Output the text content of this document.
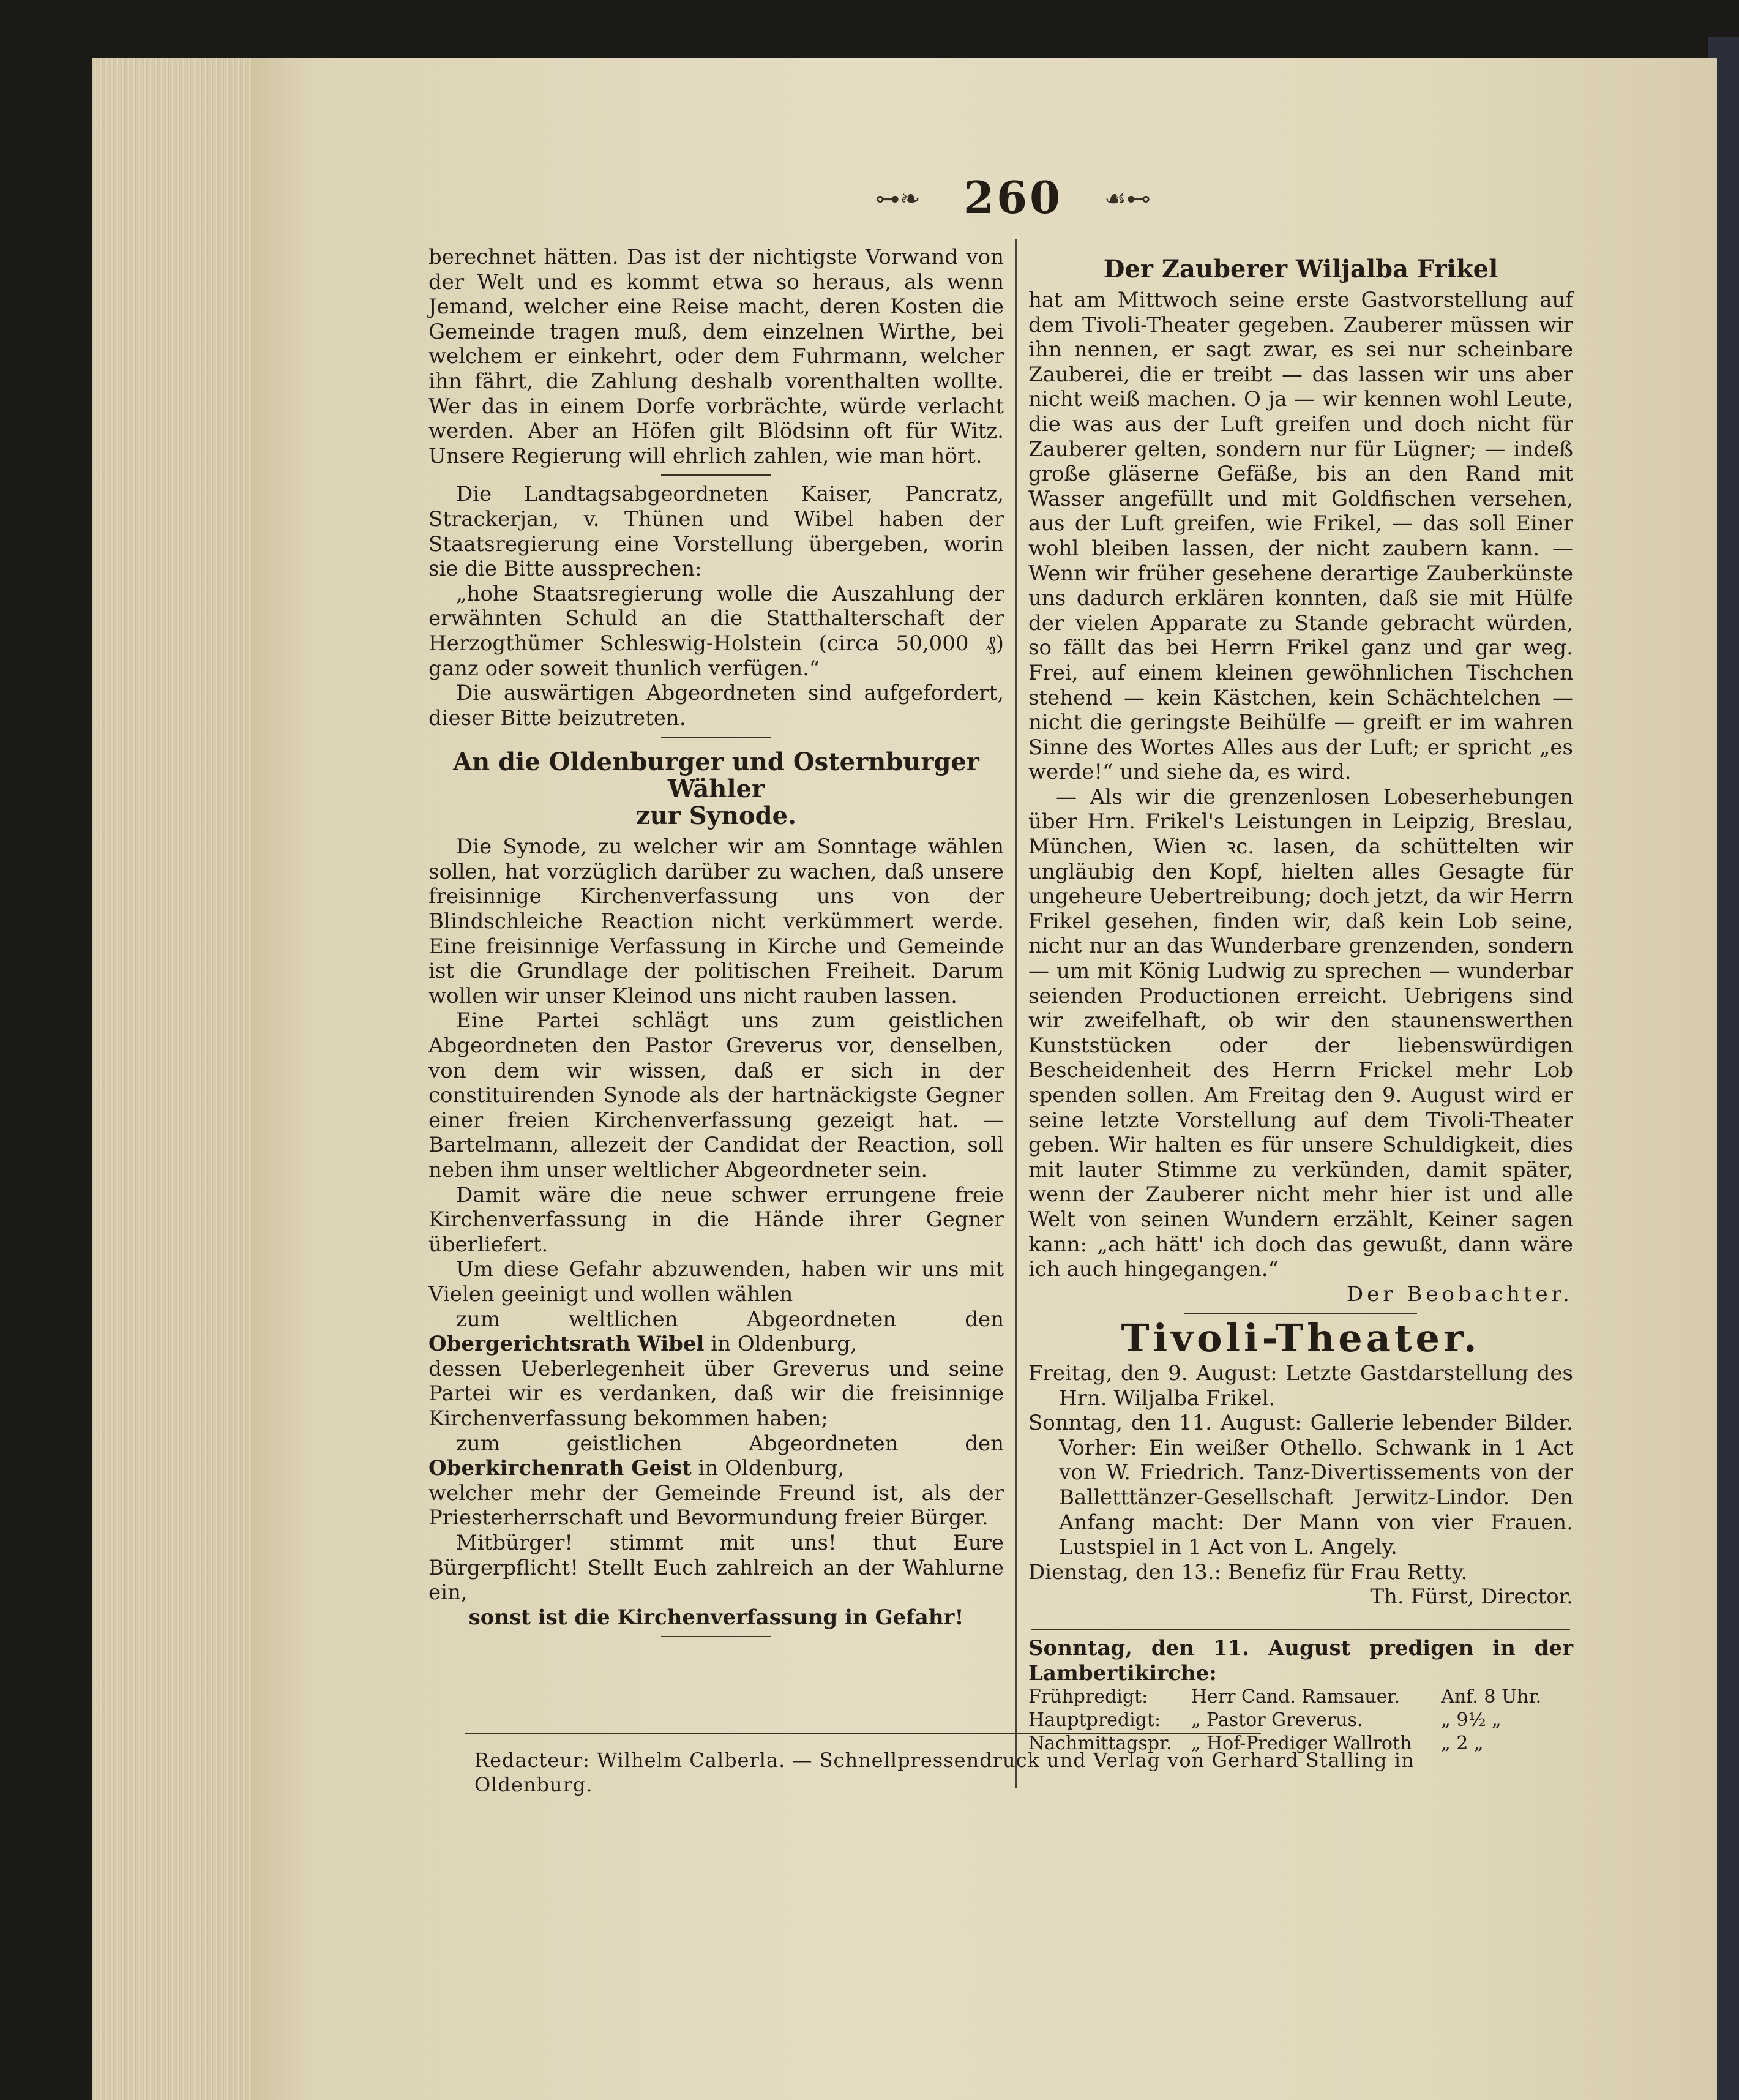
⊶❧ 260 ☙⊷

berechnet hätten. Das ist der nichtigste Vorwand von der Welt und es kommt etwa so heraus, als wenn Jemand, welcher eine Reise macht, deren Kosten die Gemeinde tragen muß, dem einzelnen Wirthe, bei welchem er einkehrt, oder dem Fuhrmann, welcher ihn fährt, die Zahlung deshalb vorenthalten wollte. Wer das in einem Dorfe vorbrächte, würde verlacht werden. Aber an Höfen gilt Blödsinn oft für Witz. Unsere Regierung will ehrlich zahlen, wie man hört.

Die Landtagsabgeordneten Kaiser, Pancratz, Strackerjan, v. Thünen und Wibel haben der Staatsregierung eine Vorstellung übergeben, worin sie die Bitte aussprechen:

„hohe Staatsregierung wolle die Auszahlung der erwähnten Schuld an die Statthalterschaft der Herzogthümer Schleswig-Holstein (circa 50,000 ₰) ganz oder soweit thunlich verfügen.“

Die auswärtigen Abgeordneten sind aufgefordert, dieser Bitte beizutreten.

An die Oldenburger und Osternburger Wähler
zur Synode.

Die Synode, zu welcher wir am Sonntage wählen sollen, hat vorzüglich darüber zu wachen, daß unsere freisinnige Kirchenverfassung uns von der Blindschleiche Reaction nicht verkümmert werde. Eine freisinnige Verfassung in Kirche und Gemeinde ist die Grundlage der politischen Freiheit. Darum wollen wir unser Kleinod uns nicht rauben lassen.

Eine Partei schlägt uns zum geistlichen Abgeordneten den Pastor Greverus vor, denselben, von dem wir wissen, daß er sich in der constituirenden Synode als der hartnäckigste Gegner einer freien Kirchenverfassung gezeigt hat. — Bartelmann, allezeit der Candidat der Reaction, soll neben ihm unser weltlicher Abgeordneter sein.

Damit wäre die neue schwer errungene freie Kirchenverfassung in die Hände ihrer Gegner überliefert.

Um diese Gefahr abzuwenden, haben wir uns mit Vielen geeinigt und wollen wählen

zum weltlichen Abgeordneten den Obergerichtsrath Wibel in Oldenburg,

dessen Ueberlegenheit über Greverus und seine Partei wir es verdanken, daß wir die freisinnige Kirchenverfassung bekommen haben;

zum geistlichen Abgeordneten den Oberkirchenrath Geist in Oldenburg,

welcher mehr der Gemeinde Freund ist, als der Priesterherrschaft und Bevormundung freier Bürger.

Mitbürger! stimmt mit uns! thut Eure Bürgerpflicht! Stellt Euch zahlreich an der Wahlurne ein,

sonst ist die Kirchenverfassung in Gefahr!

Der Zauberer Wiljalba Frikel

hat am Mittwoch seine erste Gastvorstellung auf dem Tivoli-Theater gegeben. Zauberer müssen wir ihn nennen, er sagt zwar, es sei nur scheinbare Zauberei, die er treibt — das lassen wir uns aber nicht weiß machen. O ja — wir kennen wohl Leute, die was aus der Luft greifen und doch nicht für Zauberer gelten, sondern nur für Lügner; — indeß große gläserne Gefäße, bis an den Rand mit Wasser angefüllt und mit Goldfischen versehen, aus der Luft greifen, wie Frikel, — das soll Einer wohl bleiben lassen, der nicht zaubern kann. — Wenn wir früher gesehene derartige Zauberkünste uns dadurch erklären konnten, daß sie mit Hülfe der vielen Apparate zu Stande gebracht würden, so fällt das bei Herrn Frikel ganz und gar weg. Frei, auf einem kleinen gewöhnlichen Tischchen stehend — kein Kästchen, kein Schächtelchen — nicht die geringste Beihülfe — greift er im wahren Sinne des Wortes Alles aus der Luft; er spricht „es werde!“ und siehe da, es wird.

— Als wir die grenzenlosen Lobeserhebungen über Hrn. Frikel's Leistungen in Leipzig, Breslau, München, Wien ꝛc. lasen, da schüttelten wir ungläubig den Kopf, hielten alles Gesagte für ungeheure Uebertreibung; doch jetzt, da wir Herrn Frikel gesehen, finden wir, daß kein Lob seine, nicht nur an das Wunderbare grenzenden, sondern — um mit König Ludwig zu sprechen — wunderbar seienden Productionen erreicht. Uebrigens sind wir zweifelhaft, ob wir den staunenswerthen Kunststücken oder der liebenswürdigen Bescheidenheit des Herrn Frickel mehr Lob spenden sollen. Am Freitag den 9. August wird er seine letzte Vorstellung auf dem Tivoli-Theater geben. Wir halten es für unsere Schuldigkeit, dies mit lauter Stimme zu verkünden, damit später, wenn der Zauberer nicht mehr hier ist und alle Welt von seinen Wundern erzählt, Keiner sagen kann: „ach hätt' ich doch das gewußt, dann wäre ich auch hingegangen.“

Der Beobachter.

Tivoli-Theater.

Freitag, den 9. August: Letzte Gastdarstellung des Hrn. Wiljalba Frikel.

Sonntag, den 11. August: Gallerie lebender Bilder. Vorher: Ein weißer Othello. Schwank in 1 Act von W. Friedrich. Tanz-Divertissements von der Balletttänzer-Gesellschaft Jerwitz-Lindor. Den Anfang macht: Der Mann von vier Frauen. Lustspiel in 1 Act von L. Angely.

Dienstag, den 13.: Benefiz für Frau Retty.

Th. Fürst, Director.

Sonntag, den 11. August predigen in der Lambertikirche:

Frühpredigt:	Herr Cand. Ramsauer.	Anf. 8 Uhr.
Hauptpredigt:	„ Pastor Greverus.	„ 9½ „
Nachmittagspr.	„ Hof-Prediger Wallroth	„ 2 „
Redacteur: Wilhelm Calberla. — Schnellpressendruck und Verlag von Gerhard Stalling in Oldenburg.
